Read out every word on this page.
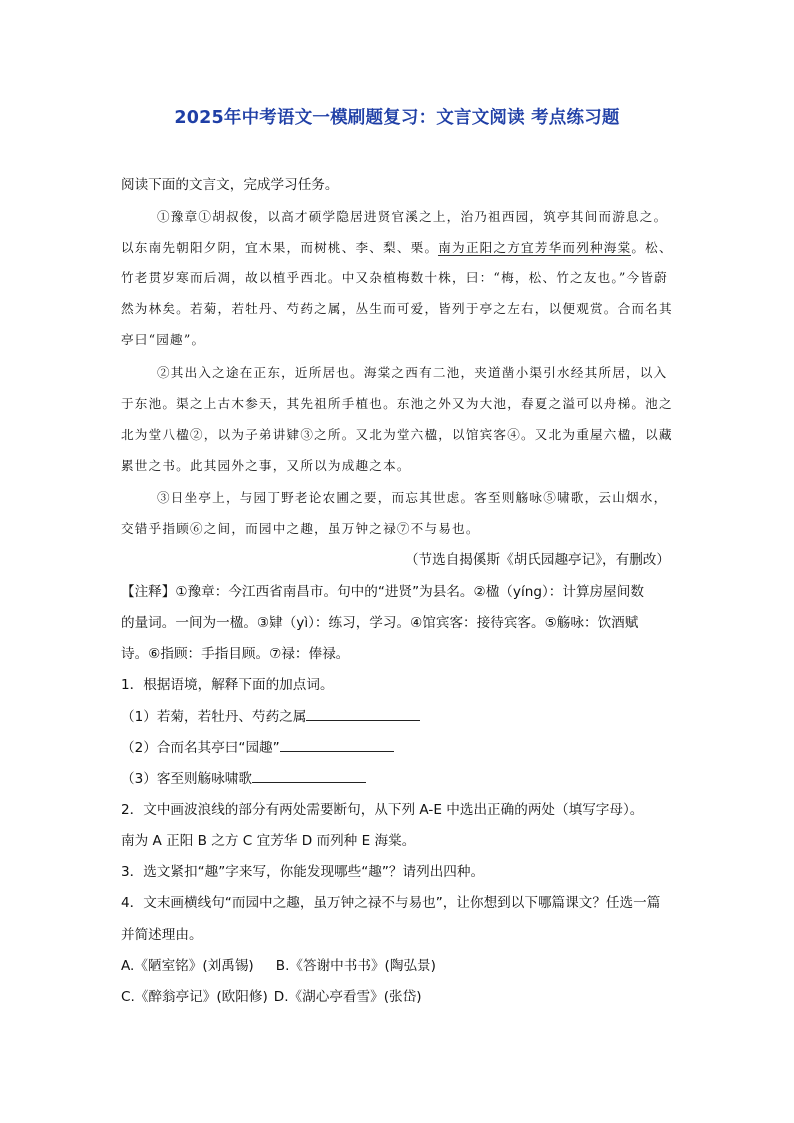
2025年中考语文一模刷题复习：文言文阅读 考点练习题
阅读下面的文言文，完成学习任务。
①豫章①胡叔俊，以高才硕学隐居进贤官溪之上，治乃祖西园，筑亭其间而游息之。
以东南先朝阳夕阴，宜木果，而树桃、李、梨、栗。南为正阳之方宜芳华而列种海棠。松、
竹老贯岁寒而后凋，故以植乎西北。中又杂植梅数十株，曰：“梅，松、竹之友也。”今皆蔚
然为林矣。若菊，若牡丹、芍药之属，丛生而可爱，皆列于亭之左右，以便观赏。合而名其
亭曰“园趣”。
②其出入之途在正东，近所居也。海棠之西有二池，夹道凿小渠引水经其所居，以入
于东池。渠之上古木参天，其先祖所手植也。东池之外又为大池，春夏之溢可以舟梯。池之
北为堂八楹②，以为子弟讲肄③之所。又北为堂六楹，以馆宾客④。又北为重屋六楹，以藏
累世之书。此其园外之事，又所以为成趣之本。
③日坐亭上，与园丁野老论农圃之要，而忘其世虑。客至则觞咏⑤啸歌，云山烟水，
交错乎指顾⑥之间，而园中之趣，虽万钟之禄⑦不与易也。
（节选自揭傒斯《胡氏园趣亭记》，有删改）
【注释】①豫章：今江西省南昌市。句中的“进贤”为县名。②楹（yíng）：计算房屋间数
的量词。一间为一楹。③肄（yì）：练习，学习。④馆宾客：接待宾客。⑤觞咏：饮酒赋
诗。⑥指顾：手指目顾。⑦禄：俸禄。
1．根据语境，解释下面的加点词。
（1）若菊，若牡丹、芍药之属
（2）合而名其亭曰“园趣”
（3）客至则觞咏啸歌
2．文中画波浪线的部分有两处需要断句，从下列 A-E 中选出正确的两处（填写字母）。
南为 A 正阳 B 之方 C 宜芳华 D 而列种 E 海棠。
3．选文紧扣“趣”字来写，你能发现哪些“趣”？请列出四种。
4．文末画横线句“而园中之趣，虽万钟之禄不与易也”，让你想到以下哪篇课文？任选一篇
并简述理由。
A.《陋室铭》(刘禹锡) B.《答谢中书书》(陶弘景)
C.《醉翁亭记》(欧阳修) D.《湖心亭看雪》(张岱)
